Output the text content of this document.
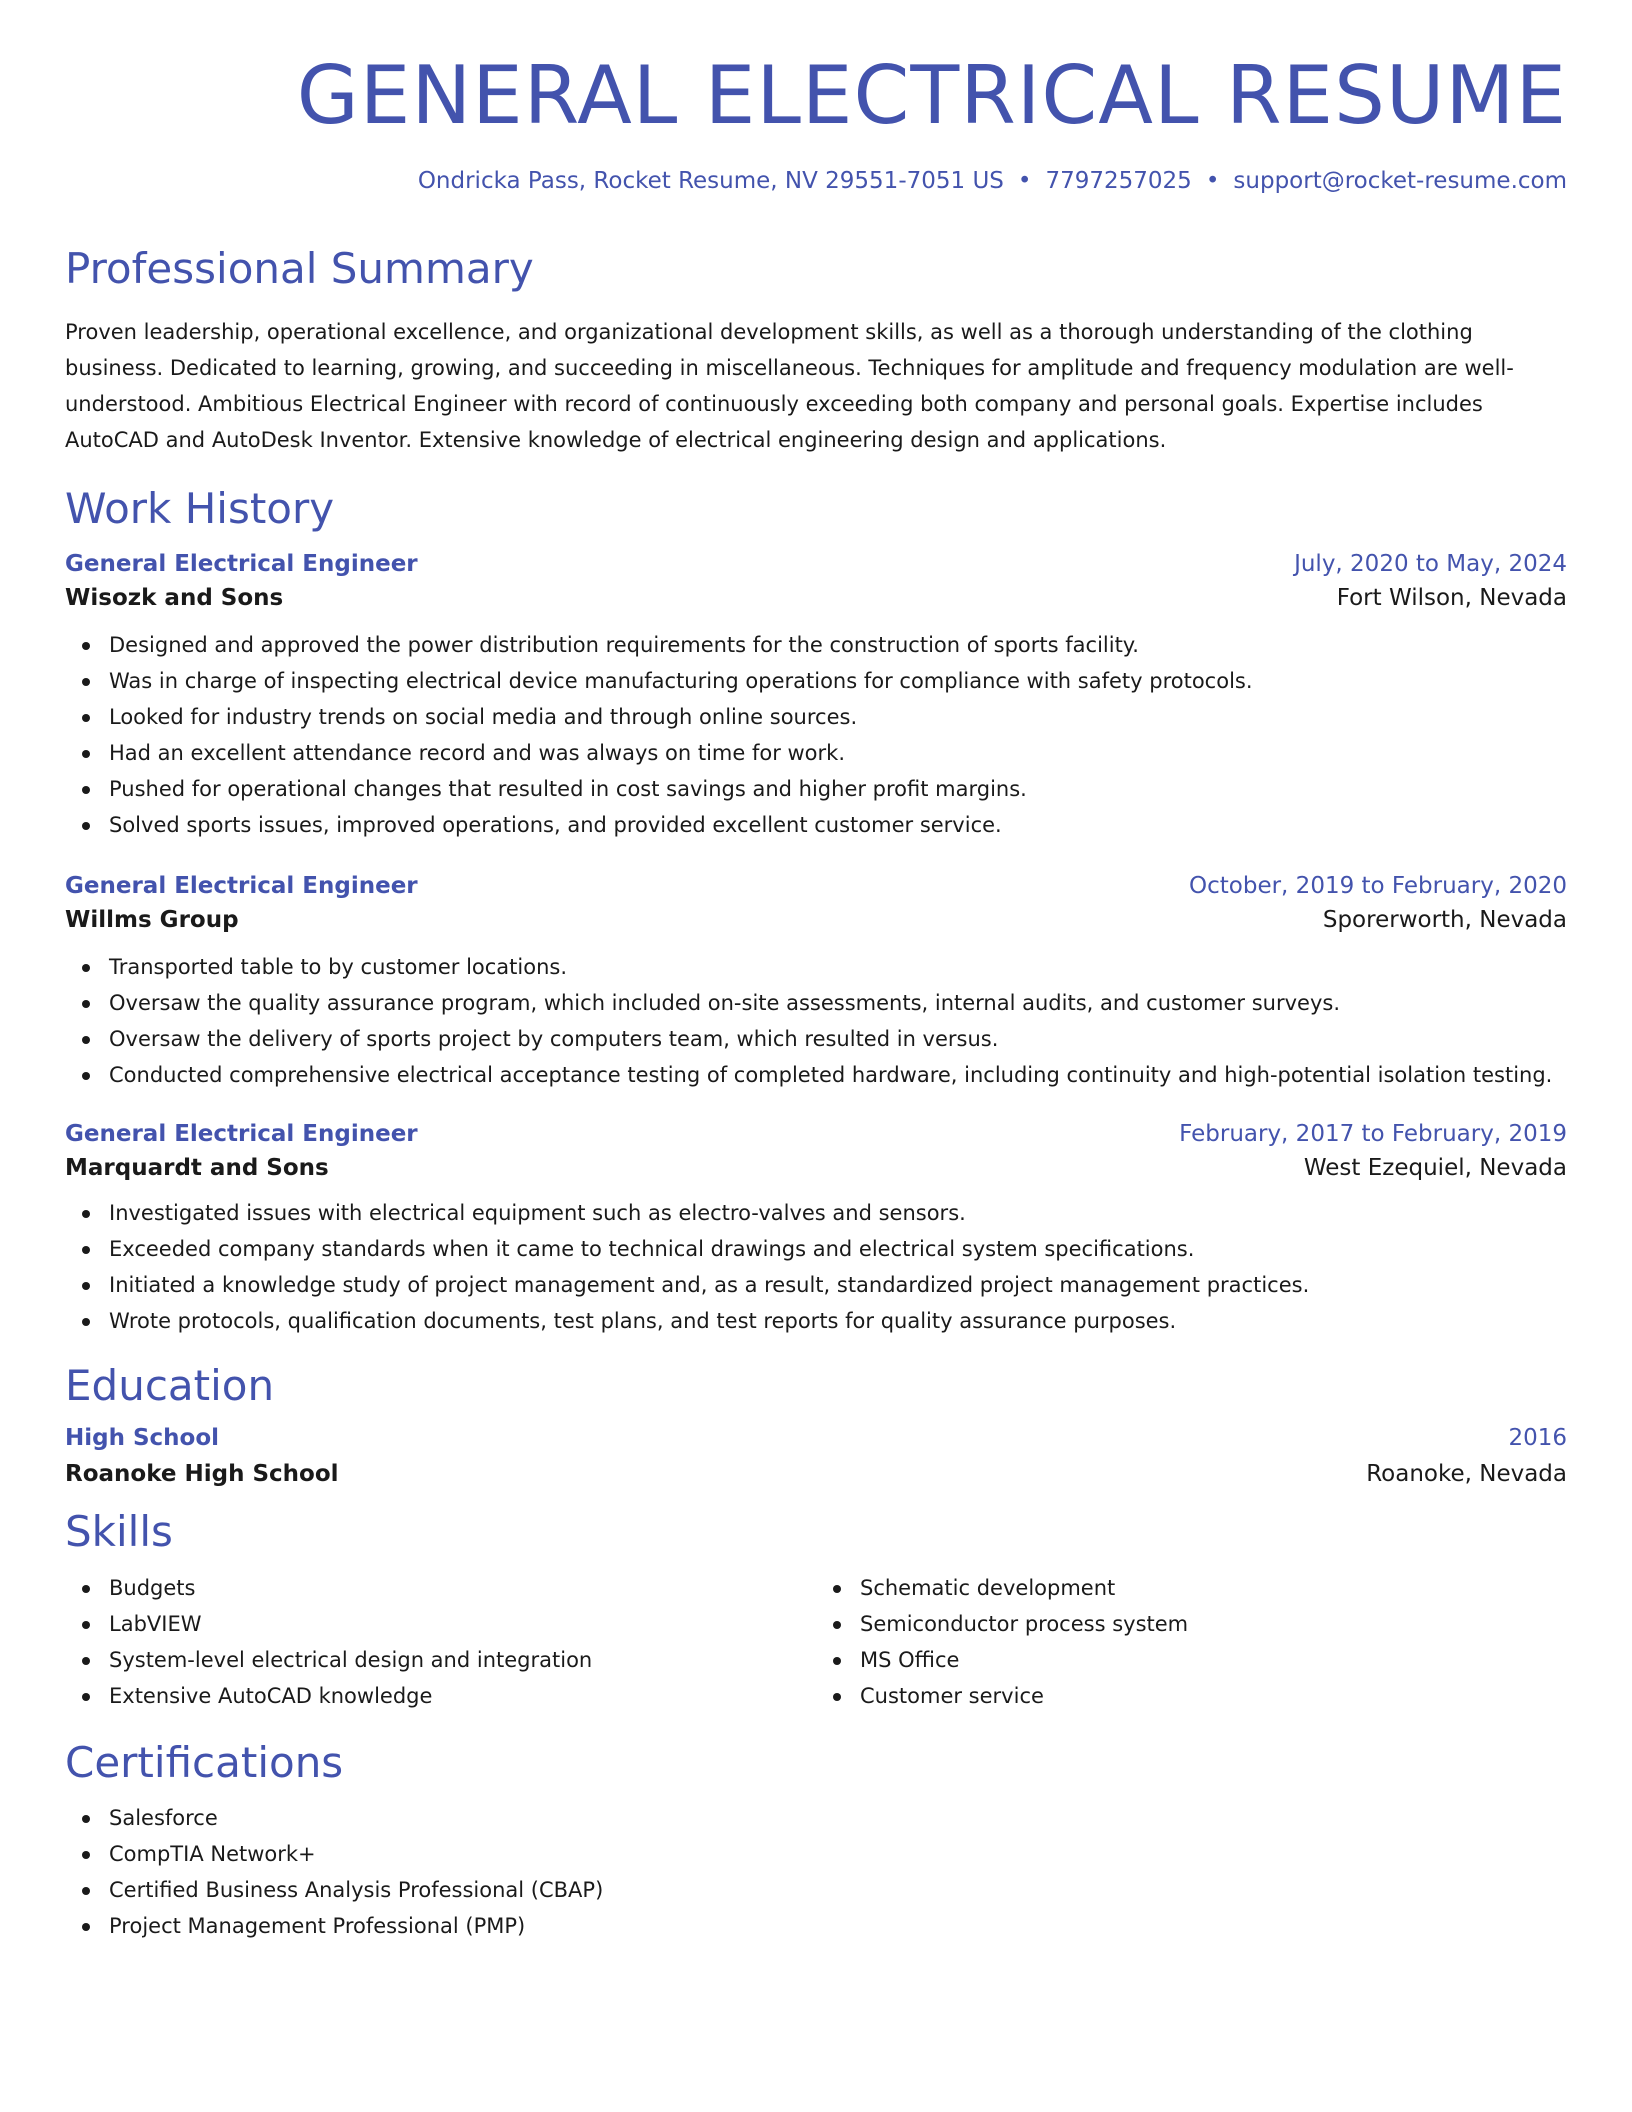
GENERAL ELECTRICAL RESUME
Ondricka Pass, Rocket Resume, NV 29551-7051 US • 7797257025 • support@rocket-resume.com
Professional Summary
Proven leadership, operational excellence, and organizational development skills, as well as a thorough understanding of the clothing business. Dedicated to learning, growing, and succeeding in miscellaneous. Techniques for amplitude and frequency modulation are well-understood. Ambitious Electrical Engineer with record of continuously exceeding both company and personal goals. Expertise includes AutoCAD and AutoDesk Inventor. Extensive knowledge of electrical engineering design and applications.
Work History
General Electrical Engineer	July, 2020 to May, 2024
Wisozk and Sons	Fort Wilson, Nevada
Designed and approved the power distribution requirements for the construction of sports facility.
Was in charge of inspecting electrical device manufacturing operations for compliance with safety protocols.
Looked for industry trends on social media and through online sources.
Had an excellent attendance record and was always on time for work.
Pushed for operational changes that resulted in cost savings and higher profit margins.
Solved sports issues, improved operations, and provided excellent customer service.
General Electrical Engineer	October, 2019 to February, 2020
Willms Group	Sporerworth, Nevada
Transported table to by customer locations.
Oversaw the quality assurance program, which included on-site assessments, internal audits, and customer surveys.
Oversaw the delivery of sports project by computers team, which resulted in versus.
Conducted comprehensive electrical acceptance testing of completed hardware, including continuity and high-potential isolation testing.
General Electrical Engineer	February, 2017 to February, 2019
Marquardt and Sons	West Ezequiel, Nevada
Investigated issues with electrical equipment such as electro-valves and sensors.
Exceeded company standards when it came to technical drawings and electrical system specifications.
Initiated a knowledge study of project management and, as a result, standardized project management practices.
Wrote protocols, qualification documents, test plans, and test reports for quality assurance purposes.
Education
High School	2016
Roanoke High School	Roanoke, Nevada
Skills
Budgets
LabVIEW
System-level electrical design and integration
Extensive AutoCAD knowledge
Schematic development
Semiconductor process system
MS Office
Customer service
Certifications
Salesforce
CompTIA Network+
Certified Business Analysis Professional (CBAP)
Project Management Professional (PMP)
